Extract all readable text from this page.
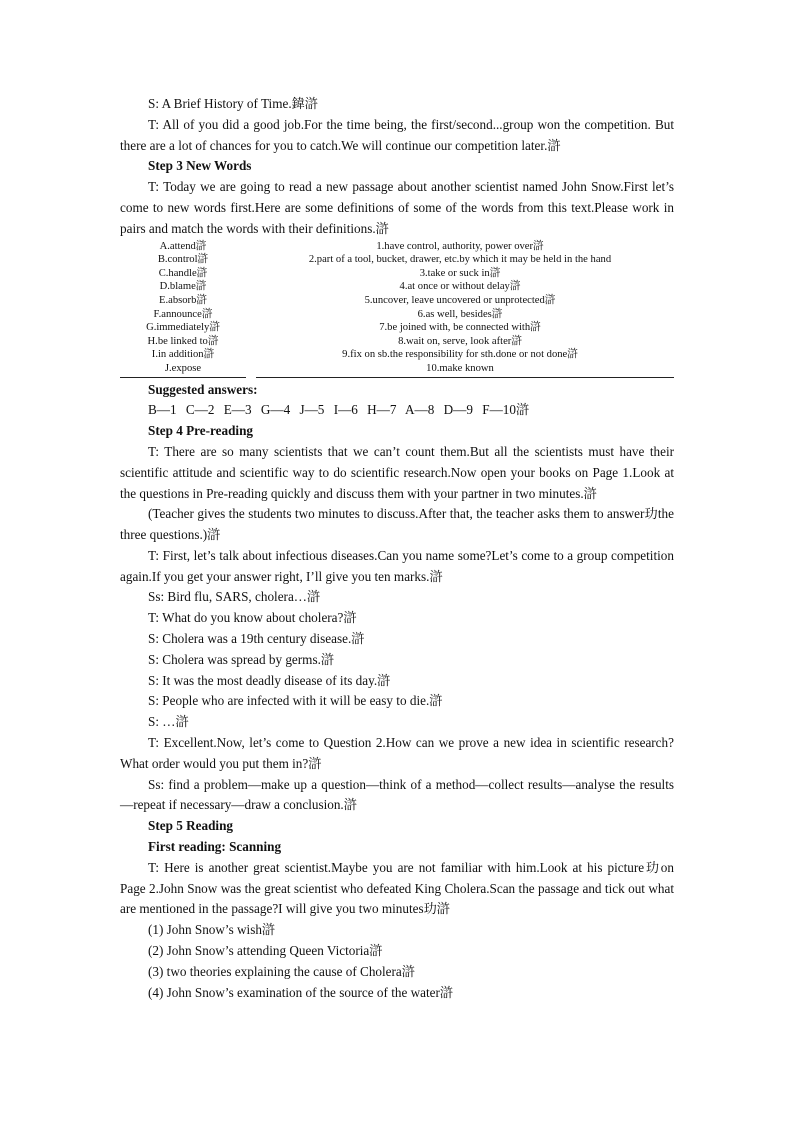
S: A Brief History of Time.鍏滸

T: All of you did a good job.For the time being, the first/second...group won the competition. But there are a lot of chances for you to catch.We will continue our competition later.滸

Step 3 New Words

T: Today we are going to read a new passage about another scientist named John Snow.First let’s come to new words first.Here are some definitions of some of the words from this text.Please work in pairs and match the words with their definitions.滸

A.attend滸	1.have control, authority, power over滸
B.control滸	2.part of a tool, bucket, drawer, etc.by which it may be held in the hand
C.handle滸	3.take or suck in滸
D.blame滸	4.at once or without delay滸
E.absorb滸	5.uncover, leave uncovered or unprotected滸
F.announce滸	6.as well, besides滸
G.immediately滸	7.be joined with, be connected with滸
H.be linked to滸	8.wait on, serve, look after滸
I.in addition滸	9.fix on sb.the responsibility for sth.done or not done滸
J.expose	10.make known

Suggested answers:

B—1 C—2 E—3 G—4 J—5 I—6 H—7 A—8 D—9 F—10滸

Step 4 Pre-reading

T: There are so many scientists that we can’t count them.But all the scientists must have their scientific attitude and scientific way to do scientific research.Now open your books on Page 1.Look at the questions in Pre-reading quickly and discuss them with your partner in two minutes.滸

(Teacher gives the students two minutes to discuss.After that, the teacher asks them to answer玏the three questions.)滸

T: First, let’s talk about infectious diseases.Can you name some?Let’s come to a group competition again.If you get your answer right, I’ll give you ten marks.滸

Ss: Bird flu, SARS, cholera…滸

T: What do you know about cholera?滸

S: Cholera was a 19th century disease.滸

S: Cholera was spread by germs.滸

S: It was the most deadly disease of its day.滸

S: People who are infected with it will be easy to die.滸

S: …滸

T: Excellent.Now, let’s come to Question 2.How can we prove a new idea in scientific research?What order would you put them in?滸

Ss: find a problem—make up a question—think of a method—collect results—analyse the results—repeat if necessary—draw a conclusion.滸

Step 5 Reading

First reading: Scanning

T: Here is another great scientist.Maybe you are not familiar with him.Look at his picture玏on Page 2.John Snow was the great scientist who defeated King Cholera.Scan the passage and tick out what are mentioned in the passage?I will give you two minutes玏滸

(1) John Snow’s wish滸

(2) John Snow’s attending Queen Victoria滸

(3) two theories explaining the cause of Cholera滸

(4) John Snow’s examination of the source of the water滸
